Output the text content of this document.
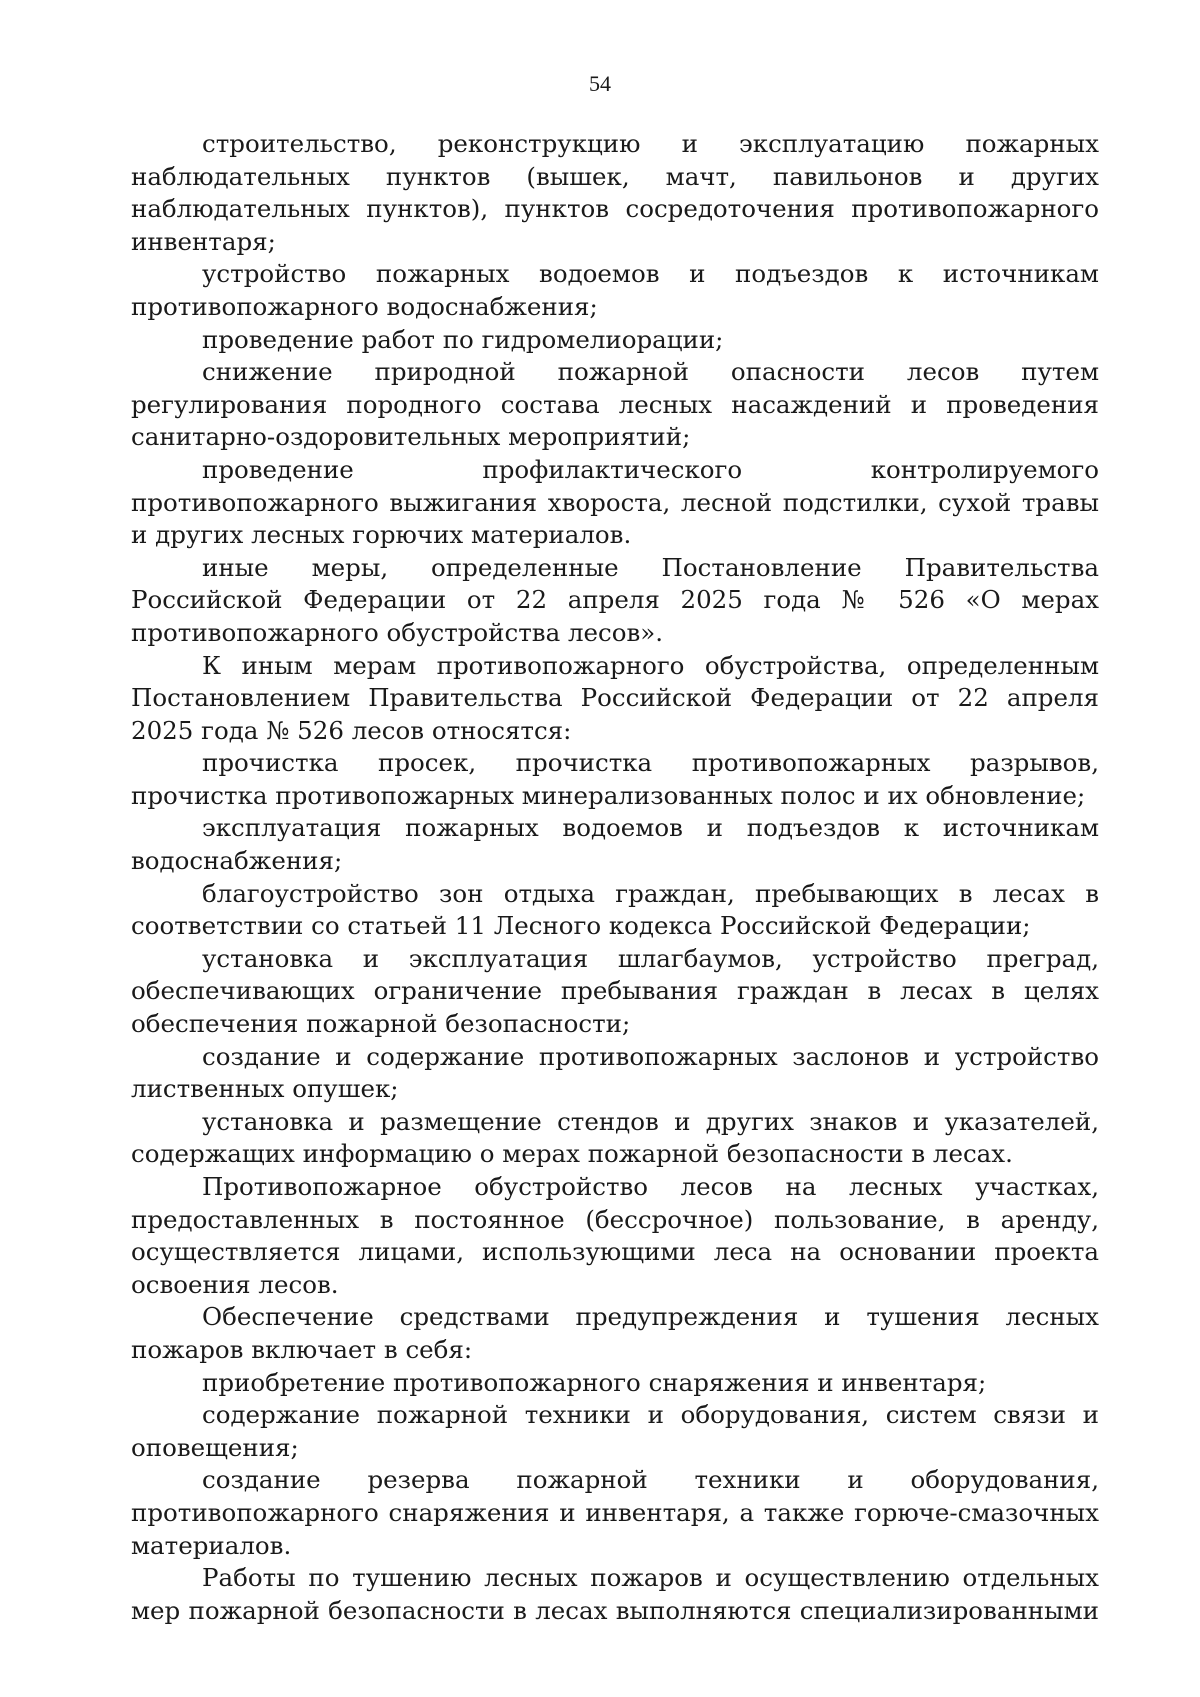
54

строительство, реконструкцию и эксплуатацию пожарных наблюдательных пунктов (вышек, мачт, павильонов и других наблюдательных пунктов), пунктов сосредоточения противопожарного инвентаря;

устройство пожарных водоемов и подъездов к источникам противопожарного водоснабжения;

проведение работ по гидромелиорации;

снижение природной пожарной опасности лесов путем регулирования породного состава лесных насаждений и проведения санитарно-оздоровительных мероприятий;

проведение профилактического контролируемого противопожарного выжигания хвороста, лесной подстилки, сухой травы и других лесных горючих материалов.

иные меры, определенные Постановление Правительства Российской Федерации от 22 апреля 2025 года № 526 «О мерах противопожарного обустройства лесов».

К иным мерам противопожарного обустройства, определенным Постановлением Правительства Российской Федерации от 22 апреля 2025 года № 526 лесов относятся:

прочистка просек, прочистка противопожарных разрывов, прочистка противопожарных минерализованных полос и их обновление;

эксплуатация пожарных водоемов и подъездов к источникам водоснабжения;

благоустройство зон отдыха граждан, пребывающих в лесах в соответствии со статьей 11 Лесного кодекса Российской Федерации;

установка и эксплуатация шлагбаумов, устройство преград, обеспечивающих ограничение пребывания граждан в лесах в целях обеспечения пожарной безопасности;

создание и содержание противопожарных заслонов и устройство лиственных опушек;

установка и размещение стендов и других знаков и указателей, содержащих информацию о мерах пожарной безопасности в лесах.

Противопожарное обустройство лесов на лесных участках, предоставленных в постоянное (бессрочное) пользование, в аренду, осуществляется лицами, использующими леса на основании проекта освоения лесов.

Обеспечение средствами предупреждения и тушения лесных пожаров включает в себя:

приобретение противопожарного снаряжения и инвентаря;

содержание пожарной техники и оборудования, систем связи и оповещения;

создание резерва пожарной техники и оборудования, противопожарного снаряжения и инвентаря, а также горюче-смазочных материалов.

Работы по тушению лесных пожаров и осуществлению отдельных мер пожарной безопасности в лесах выполняются специализированными
